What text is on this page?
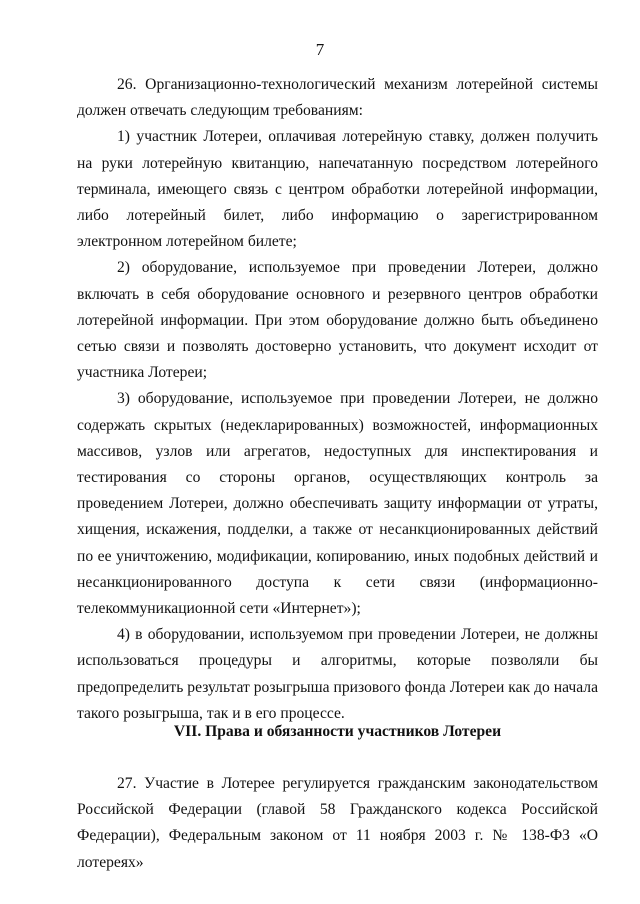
7

26. Организационно-технологический механизм лотерейной системы должен отвечать следующим требованиям:

1) участник Лотереи, оплачивая лотерейную ставку, должен получить на руки лотерейную квитанцию, напечатанную посредством лотерейного терминала, имеющего связь с центром обработки лотерейной информации, либо лотерейный билет, либо информацию о зарегистрированном электронном лотерейном билете;

2) оборудование, используемое при проведении Лотереи, должно включать в себя оборудование основного и резервного центров обработки лотерейной информации. При этом оборудование должно быть объединено сетью связи и позволять достоверно установить, что документ исходит от участника Лотереи;

3) оборудование, используемое при проведении Лотереи, не должно содержать скрытых (недекларированных) возможностей, информационных массивов, узлов или агрегатов, недоступных для инспектирования и тестирования со стороны органов, осуществляющих контроль за проведением Лотереи, должно обеспечивать защиту информации от утраты, хищения, искажения, подделки, а также от несанкционированных действий по ее уничтожению, модификации, копированию, иных подобных действий и несанкционированного доступа к сети связи (информационно-телекоммуникационной сети «Интернет»);

4) в оборудовании, используемом при проведении Лотереи, не должны использоваться процедуры и алгоритмы, которые позволяли бы предопределить результат розыгрыша призового фонда Лотереи как до начала такого розыгрыша, так и в его процессе.

VII. Права и обязанности участников Лотереи

27. Участие в Лотерее регулируется гражданским законодательством Российской Федерации (главой 58 Гражданского кодекса Российской Федерации), Федеральным законом от 11 ноября 2003 г. № 138-ФЗ «О лотереях»
